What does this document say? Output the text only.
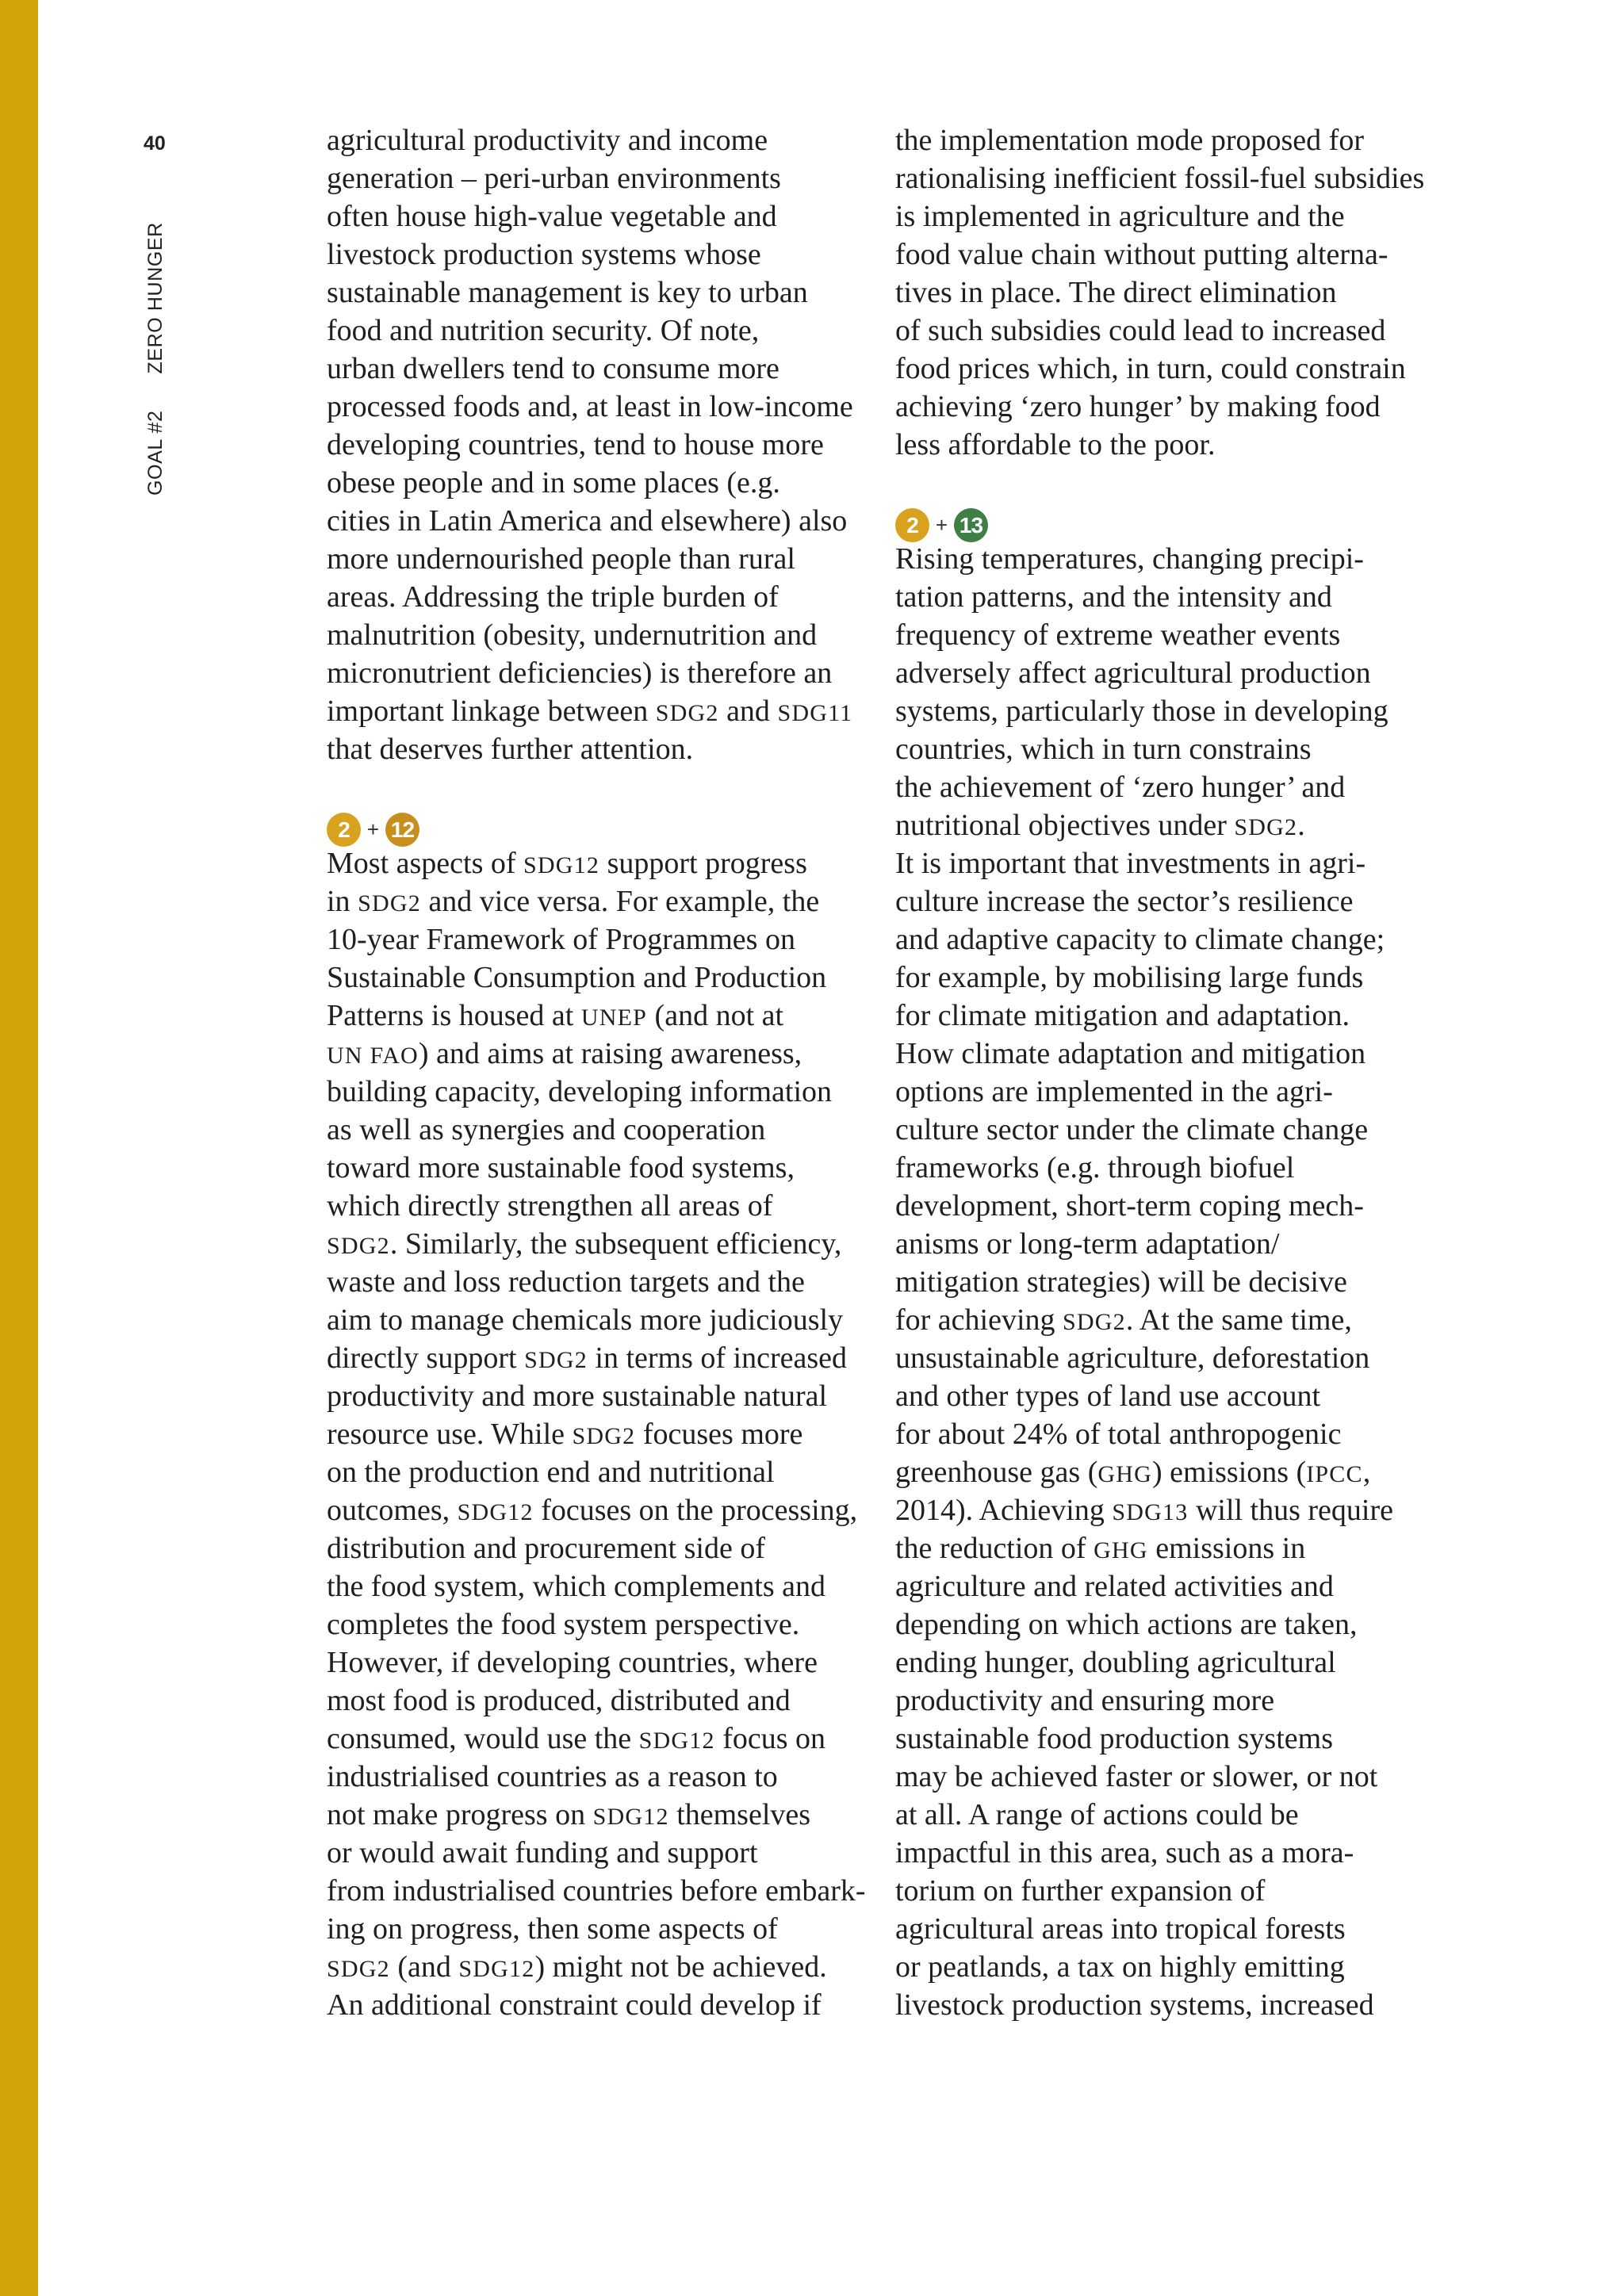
40
GOAL #2
ZERO HUNGER
agricultural productivity and income
generation – peri-urban environments
often house high-value vegetable and
livestock production systems whose
sustainable management is key to urban
food and nutrition security. Of note,
urban dwellers tend to consume more
processed foods and, at least in low-income
developing countries, tend to house more
obese people and in some places (e.g.
cities in Latin America and elsewhere) also
more undernourished people than rural
areas. Addressing the triple burden of
malnutrition (obesity, undernutrition and
micronutrient deficiencies) is therefore an
important linkage between SDG2 and SDG11
that deserves further attention.
2 + 12
Most aspects of SDG12 support progress
in SDG2 and vice versa. For example, the
10-year Framework of Programmes on
Sustainable Consumption and Production
Patterns is housed at UNEP (and not at
UN FAO) and aims at raising awareness,
building capacity, developing information
as well as synergies and cooperation
toward more sustainable food systems,
which directly strengthen all areas of
SDG2. Similarly, the subsequent efficiency,
waste and loss reduction targets and the
aim to manage chemicals more judiciously
directly support SDG2 in terms of increased
productivity and more sustainable natural
resource use. While SDG2 focuses more
on the production end and nutritional
outcomes, SDG12 focuses on the processing,
distribution and procurement side of
the food system, which complements and
completes the food system perspective.
However, if developing countries, where
most food is produced, distributed and
consumed, would use the SDG12 focus on
industrialised countries as a reason to
not make progress on SDG12 themselves
or would await funding and support
from industrialised countries before embark-
ing on progress, then some aspects of
SDG2 (and SDG12) might not be achieved.
An additional constraint could develop if
the implementation mode proposed for
rationalising inefficient fossil-fuel subsidies
is implemented in agriculture and the
food value chain without putting alterna-
tives in place. The direct elimination
of such subsidies could lead to increased
food prices which, in turn, could constrain
achieving ‘zero hunger’ by making food
less affordable to the poor.
2 + 13
Rising temperatures, changing precipi-
tation patterns, and the intensity and
frequency of extreme weather events
adversely affect agricultural production
systems, particularly those in developing
countries, which in turn constrains
the achievement of ‘zero hunger’ and
nutritional objectives under SDG2.
It is important that investments in agri-
culture increase the sector’s resilience
and adaptive capacity to climate change;
for example, by mobilising large funds
for climate mitigation and adaptation.
How climate adaptation and mitigation
options are implemented in the agri-
culture sector under the climate change
frameworks (e.g. through biofuel
development, short-term coping mech-
anisms or long-term adaptation/
mitigation strategies) will be decisive
for achieving SDG2. At the same time,
unsustainable agriculture, deforestation
and other types of land use account
for about 24% of total anthropogenic
greenhouse gas (GHG) emissions (IPCC,
2014). Achieving SDG13 will thus require
the reduction of GHG emissions in
agriculture and related activities and
depending on which actions are taken,
ending hunger, doubling agricultural
productivity and ensuring more
sustainable food production systems
may be achieved faster or slower, or not
at all. A range of actions could be
impactful in this area, such as a mora-
torium on further expansion of
agricultural areas into tropical forests
or peatlands, a tax on highly emitting
livestock production systems, increased
